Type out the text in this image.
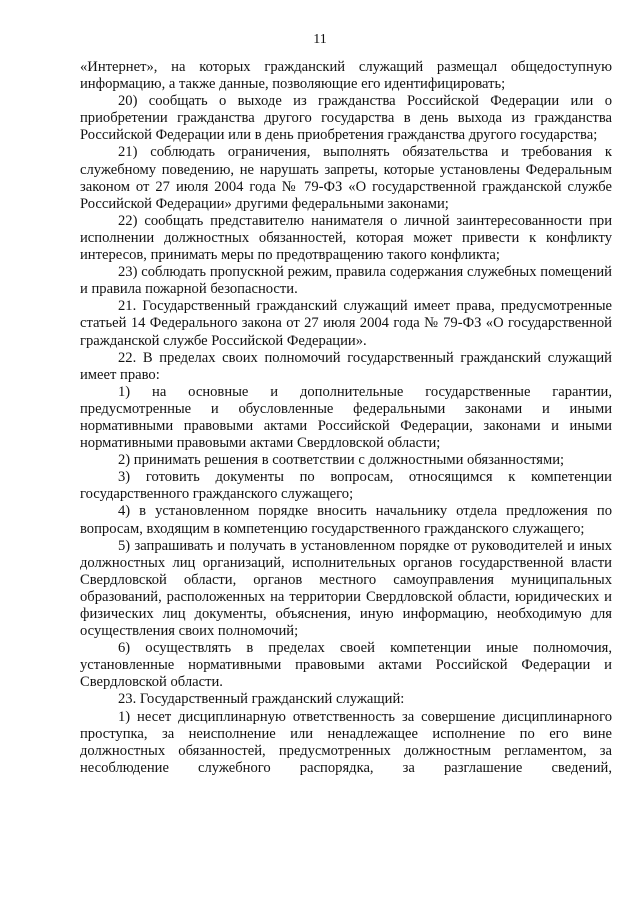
11

«Интернет», на которых гражданский служащий размещал общедоступную информацию, а также данные, позволяющие его идентифицировать;

20) сообщать о выходе из гражданства Российской Федерации или о приобретении гражданства другого государства в день выхода из гражданства Российской Федерации или в день приобретения гражданства другого государства;

21) соблюдать ограничения, выполнять обязательства и требования к служебному поведению, не нарушать запреты, которые установлены Федеральным законом от 27 июля 2004 года № 79-ФЗ «О государственной гражданской службе Российской Федерации» другими федеральными законами;

22) сообщать представителю нанимателя о личной заинтересованности при исполнении должностных обязанностей, которая может привести к конфликту интересов, принимать меры по предотвращению такого конфликта;

23) соблюдать пропускной режим, правила содержания служебных помещений и правила пожарной безопасности.

21. Государственный гражданский служащий имеет права, предусмотренные статьей 14 Федерального закона от 27 июля 2004 года № 79-ФЗ «О государственной гражданской службе Российской Федерации».

22. В пределах своих полномочий государственный гражданский служащий имеет право:

1) на основные и дополнительные государственные гарантии, предусмотренные и обусловленные федеральными законами и иными нормативными правовыми актами Российской Федерации, законами и иными нормативными правовыми актами Свердловской области;

2) принимать решения в соответствии с должностными обязанностями;

3) готовить документы по вопросам, относящимся к компетенции государственного гражданского служащего;

4) в установленном порядке вносить начальнику отдела предложения по вопросам, входящим в компетенцию государственного гражданского служащего;

5) запрашивать и получать в установленном порядке от руководителей и иных должностных лиц организаций, исполнительных органов государственной власти Свердловской области, органов местного самоуправления муниципальных образований, расположенных на территории Свердловской области, юридических и физических лиц документы, объяснения, иную информацию, необходимую для осуществления своих полномочий;

6) осуществлять в пределах своей компетенции иные полномочия, установленные нормативными правовыми актами Российской Федерации и Свердловской области.

23. Государственный гражданский служащий:

1) несет дисциплинарную ответственность за совершение дисциплинарного проступка, за неисполнение или ненадлежащее исполнение по его вине должностных обязанностей, предусмотренных должностным регламентом, за несоблюдение служебного распорядка, за разглашение сведений,
